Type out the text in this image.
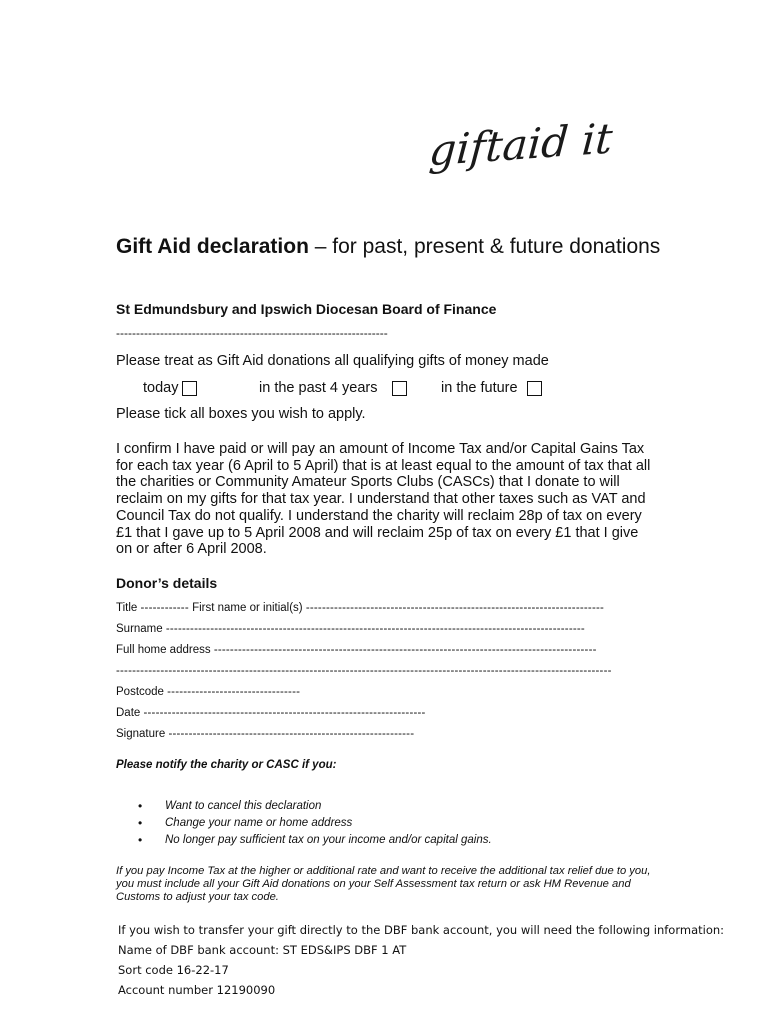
giftaid it
Gift Aid declaration – for past, present & future donations
St Edmundsbury and Ipswich Diocesan Board of Finance
--------------------------------------------------------------------
Please treat as Gift Aid donations all qualifying gifts of money made
today	in the past 4 years	in the future
Please tick all boxes you wish to apply.
I confirm I have paid or will pay an amount of Income Tax and/or Capital Gains Tax for each tax year (6 April to 5 April) that is at least equal to the amount of tax that all the charities or Community Amateur Sports Clubs (CASCs) that I donate to will reclaim on my gifts for that tax year. I understand that other taxes such as VAT and Council Tax do not qualify. I understand the charity will reclaim 28p of tax on every £1 that I gave up to 5 April 2008 and will reclaim 25p of tax on every £1 that I give on or after 6 April 2008.
Donor’s details
Title ------------ First name or initial(s) --------------------------------------------------------------------------
Surname --------------------------------------------------------------------------------------------------------
Full home address -----------------------------------------------------------------------------------------------
---------------------------------------------------------------------------------------------------------------------------
Postcode ---------------------------------
Date ----------------------------------------------------------------------
Signature -------------------------------------------------------------
Please notify the charity or CASC if you:
•	Want to cancel this declaration
•	Change your name or home address
•	No longer pay sufficient tax on your income and/or capital gains.
If you pay Income Tax at the higher or additional rate and want to receive the additional tax relief due to you, you must include all your Gift Aid donations on your Self Assessment tax return or ask HM Revenue and Customs to adjust your tax code.
If you wish to transfer your gift directly to the DBF bank account, you will need the following information:
Name of DBF bank account: ST EDS&IPS DBF 1 AT
Sort code 16-22-17
Account number 12190090
